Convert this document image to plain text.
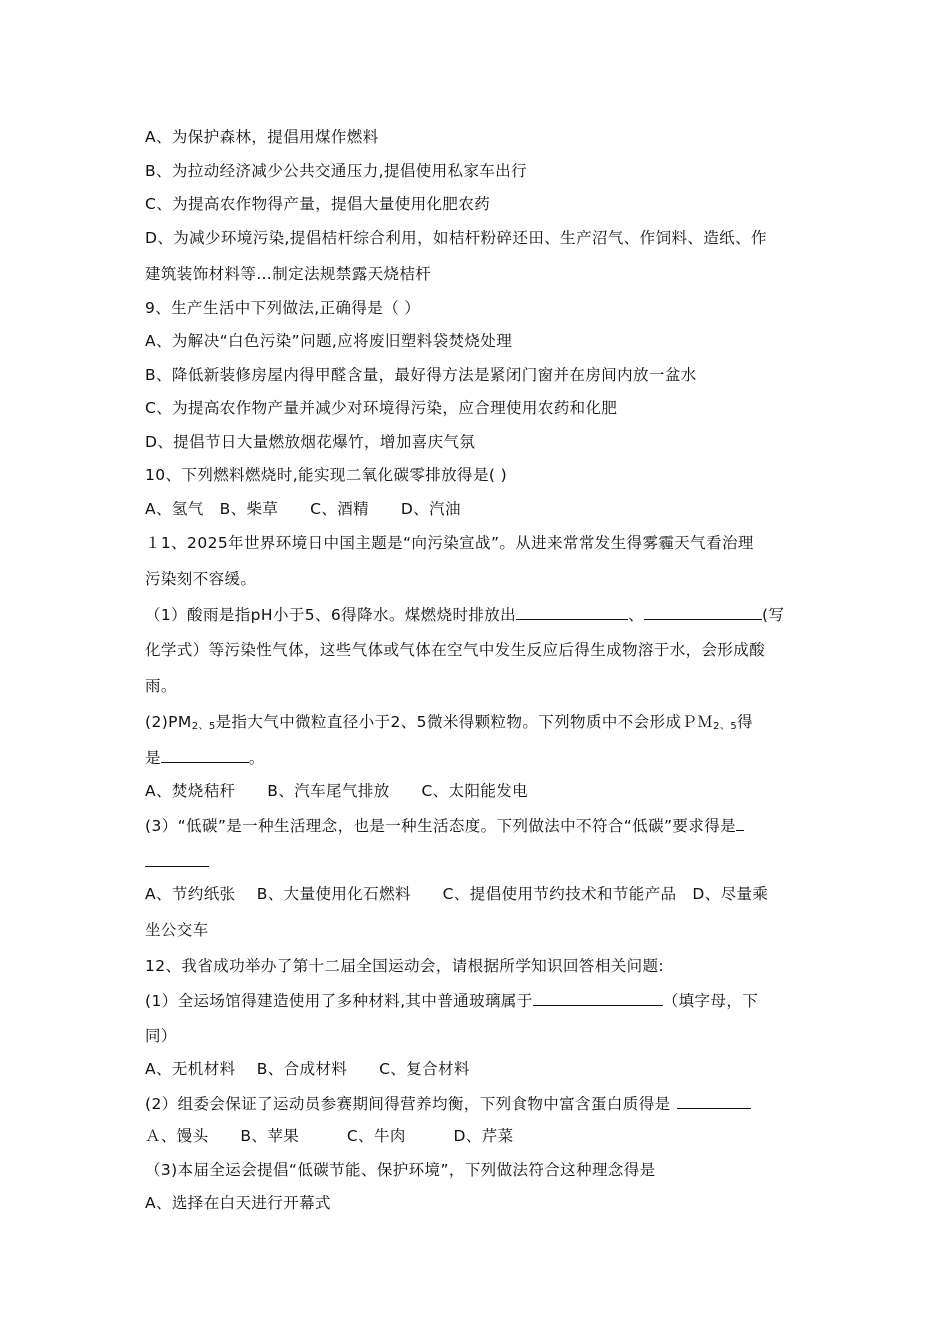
A、为保护森林，提倡用煤作燃料
B、为拉动经济减少公共交通压力,提倡使用私家车出行
C、为提高农作物得产量，提倡大量使用化肥农药
D、为减少环境污染,提倡桔杆综合利用，如桔杆粉碎还田、生产沼气、作饲料、造纸、作
建筑装饰材料等…制定法规禁露天烧桔杆
9、生产生活中下列做法,正确得是（ ）
A、为解决“白色污染”问题,应将废旧塑料袋焚烧处理
B、降低新装修房屋内得甲醛含量，最好得方法是紧闭门窗并在房间内放一盆水
C、为提高农作物产量并减少对环境得污染，应合理使用农药和化肥
D、提倡节日大量燃放烟花爆竹，增加喜庆气氛
10、下列燃料燃烧时,能实现二氧化碳零排放得是( )
A、氢气　B、柴草　　C、酒精　　D、汽油
１1、2025年世界环境日中国主题是“向污染宣战”。从进来常常发生得雾霾天气看治理
污染刻不容缓。
（1）酸雨是指pH小于5、6得降水。煤燃烧时排放出	、	(写
化学式）等污染性气体，这些气体或气体在空气中发生反应后得生成物溶于水，会形成酸
雨。
$(2)PM_{2、5}$是指大气中微粒直径小于2、5微米得颗粒物。下列物质中不会形成ＰＭ$_{2、5}$得
是	。
A、焚烧秸秆　　B、汽车尾气排放　　C、太阳能发电
(3）“低碳”是一种生活理念，也是一种生活态度。下列做法中不符合“低碳”要求得是
A、节约纸张　 B、大量使用化石燃料　　C、提倡使用节约技术和节能产品　D、尽量乘
坐公交车
12、我省成功举办了第十二届全国运动会，请根据所学知识回答相关问题:
(1）全运场馆得建造使用了多种材料,其中普通玻璃属于	（填字母，下
同）
A、无机材料　 B、合成材料　　C、复合材料
(2）组委会保证了运动员参赛期间得营养均衡，下列食物中富含蛋白质得是
Ａ、馒头　　B、苹果　　　C、牛肉　　　D、芹菜
（3)本届全运会提倡“低碳节能、保护环境”，下列做法符合这种理念得是
A、选择在白天进行开幕式
